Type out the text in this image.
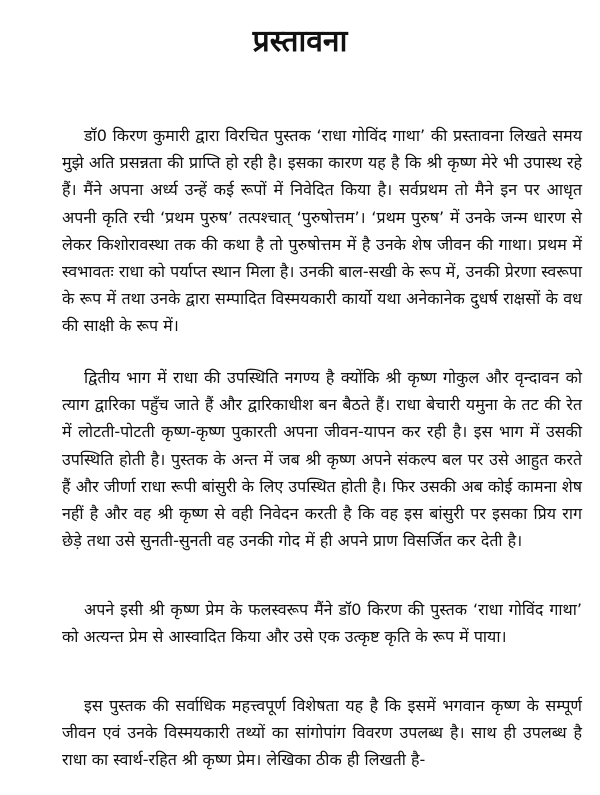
प्रस्तावना

डॉ0 किरण कुमारी द्वारा विरचित पुस्तक ‘राधा गोविंद गाथा’ की प्रस्तावना लिखते समय मुझे अति प्रसन्नता की प्राप्ति हो रही है। इसका कारण यह है कि श्री कृष्ण मेरे भी उपास्थ रहे हैं। मैंने अपना अर्ध्य उन्हें कई रूपों में निवेदित किया है। सर्वप्रथम तो मैने इन पर आधृत अपनी कृति रची ‘प्रथम पुरुष’ तत्पश्चात् ‘पुरुषोत्तम’। ‘प्रथम पुरुष’ में उनके जन्म धारण से लेकर किशोरावस्था तक की कथा है तो पुरुषोत्तम में है उनके शेष जीवन की गाथा। प्रथम में स्वभावतः राधा को पर्याप्त स्थान मिला है। उनकी बाल-सखी के रूप में, उनकी प्रेरणा स्वरूपा के रूप में तथा उनके द्वारा सम्पादित विस्मयकारी कार्यो यथा अनेकानेक दुधर्ष राक्षसों के वध की साक्षी के रूप में।

द्वितीय भाग में राधा की उपस्थिति नगण्य है क्योंकि श्री कृष्ण गोकुल और वृन्दावन को त्याग द्वारिका पहुँच जाते हैं और द्वारिकाधीश बन बैठते हैं। राधा बेचारी यमुना के तट की रेत में लोटती-पोटती कृष्ण-कृष्ण पुकारती अपना जीवन-यापन कर रही है। इस भाग में उसकी उपस्थिति होती है। पुस्तक के अन्त में जब श्री कृष्ण अपने संकल्प बल पर उसे आहुत करते हैं और जीर्णा राधा रूपी बांसुरी के लिए उपस्थित होती है। फिर उसकी अब कोई कामना शेष नहीं है और वह श्री कृष्ण से वही निवेदन करती है कि वह इस बांसुरी पर इसका प्रिय राग छेड़े तथा उसे सुनती-सुनती वह उनकी गोद में ही अपने प्राण विसर्जित कर देती है।

अपने इसी श्री कृष्ण प्रेम के फलस्वरूप मैंने डॉ0 किरण की पुस्तक ‘राधा गोविंद गाथा’ को अत्यन्त प्रेम से आस्वादित किया और उसे एक उत्कृष्ट कृति के रूप में पाया।

इस पुस्तक की सर्वाधिक महत्त्वपूर्ण विशेषता यह है कि इसमें भगवान कृष्ण के सम्पूर्ण जीवन एवं उनके विस्मयकारी तथ्यों का सांगोपांग विवरण उपलब्ध है। साथ ही उपलब्ध है राधा का स्वार्थ-रहित श्री कृष्ण प्रेम। लेखिका ठीक ही लिखती है-
